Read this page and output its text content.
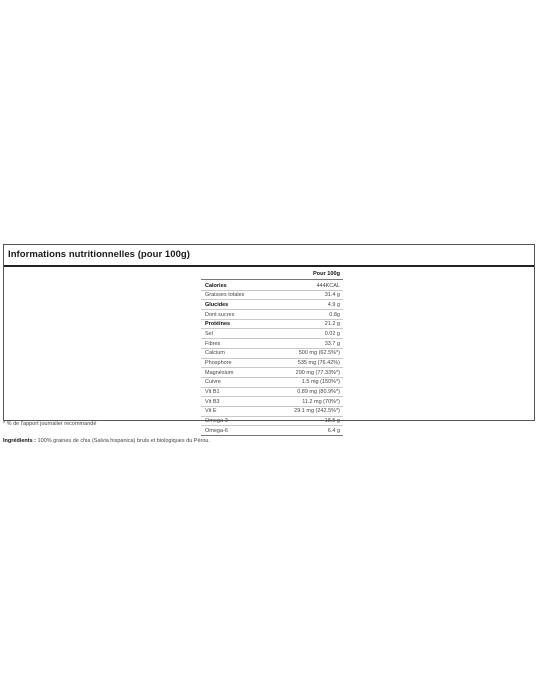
Informations nutritionnelles (pour 100g)
Pour 100g
Calories	444KCAL
Graisses totales	31.4 g
Glucides	4.9 g
Dont sucres	0.8g
Protéines	21.2 g
Sel	0.02 g
Fibres	33.7 g
Calcium	500 mg (62.5%*)
Phosphore	535 mg (76.42%)
Magnésium	290 mg (77.33%*)
Cuivre	1.5 mg (150%*)
Vit B1	0.89 mg (80.9%*)
Vit B3	11.2 mg (70%*)
Vit E	29.1 mg (242.5%*)
Omega-3	18.5 g
Omega-6	6.4 g
* % de l'apport journalier recommandé
Ingrédients : 100% graines de chia (Salvia hispanica) bruts et biologiques du Pérou.
